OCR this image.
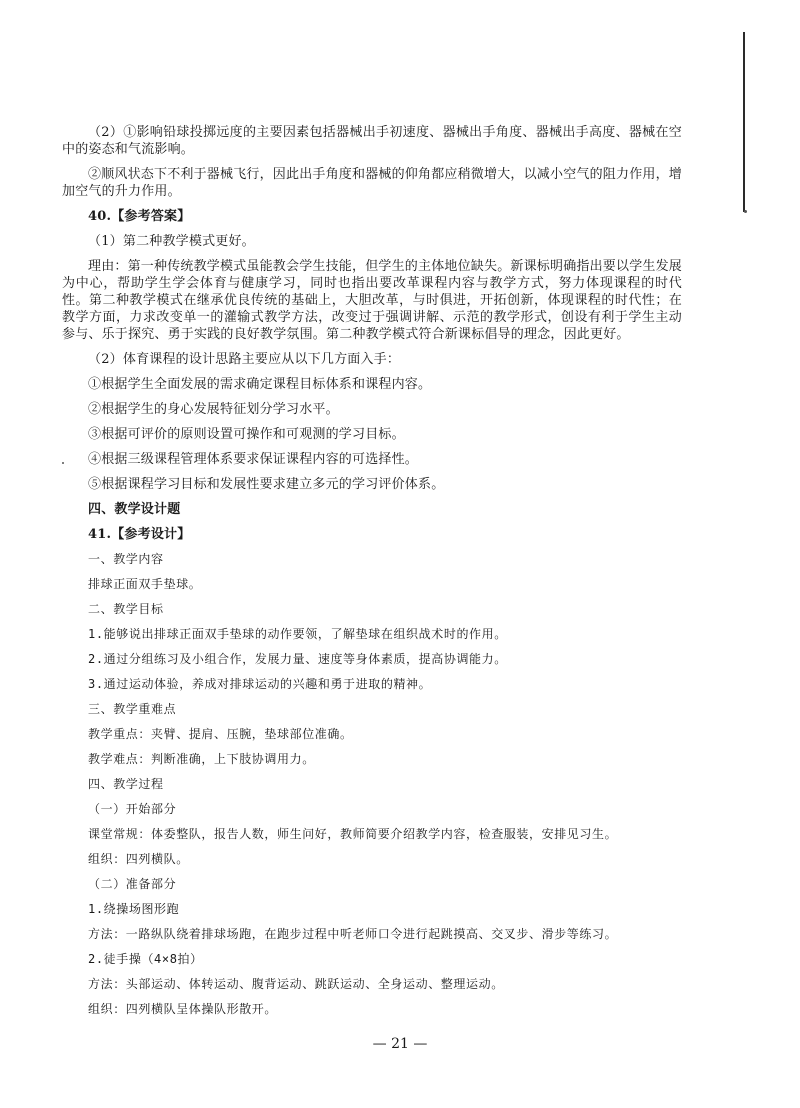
（2）①影响铅球投掷远度的主要因素包括器械出手初速度、器械出手角度、器械出手高度、器械在空中的姿态和气流影响。

②顺风状态下不利于器械飞行，因此出手角度和器械的仰角都应稍微增大，以减小空气的阻力作用，增加空气的升力作用。

40.【参考答案】

（1）第二种教学模式更好。

理由：第一种传统教学模式虽能教会学生技能，但学生的主体地位缺失。新课标明确指出要以学生发展为中心，帮助学生学会体育与健康学习，同时也指出要改革课程内容与教学方式，努力体现课程的时代性。第二种教学模式在继承优良传统的基础上，大胆改革，与时俱进，开拓创新，体现课程的时代性；在教学方面，力求改变单一的灌输式教学方法，改变过于强调讲解、示范的教学形式，创设有利于学生主动参与、乐于探究、勇于实践的良好教学氛围。第二种教学模式符合新课标倡导的理念，因此更好。

（2）体育课程的设计思路主要应从以下几方面入手：

①根据学生全面发展的需求确定课程目标体系和课程内容。

②根据学生的身心发展特征划分学习水平。

③根据可评价的原则设置可操作和可观测的学习目标。

④根据三级课程管理体系要求保证课程内容的可选择性。

⑤根据课程学习目标和发展性要求建立多元的学习评价体系。

四、教学设计题

41.【参考设计】

一、教学内容

排球正面双手垫球。

二、教学目标

1.能够说出排球正面双手垫球的动作要领，了解垫球在组织战术时的作用。

2.通过分组练习及小组合作，发展力量、速度等身体素质，提高协调能力。

3.通过运动体验，养成对排球运动的兴趣和勇于进取的精神。

三、教学重难点

教学重点：夹臂、提肩、压腕，垫球部位准确。

教学难点：判断准确，上下肢协调用力。

四、教学过程

（一）开始部分

课堂常规：体委整队，报告人数，师生问好，教师简要介绍教学内容，检查服装，安排见习生。

组织：四列横队。

（二）准备部分

1.绕操场图形跑

方法：一路纵队绕着排球场跑，在跑步过程中听老师口令进行起跳摸高、交叉步、滑步等练习。

2.徒手操（4×8拍）

方法：头部运动、体转运动、腹背运动、跳跃运动、全身运动、整理运动。

组织：四列横队呈体操队形散开。

— 21 —
